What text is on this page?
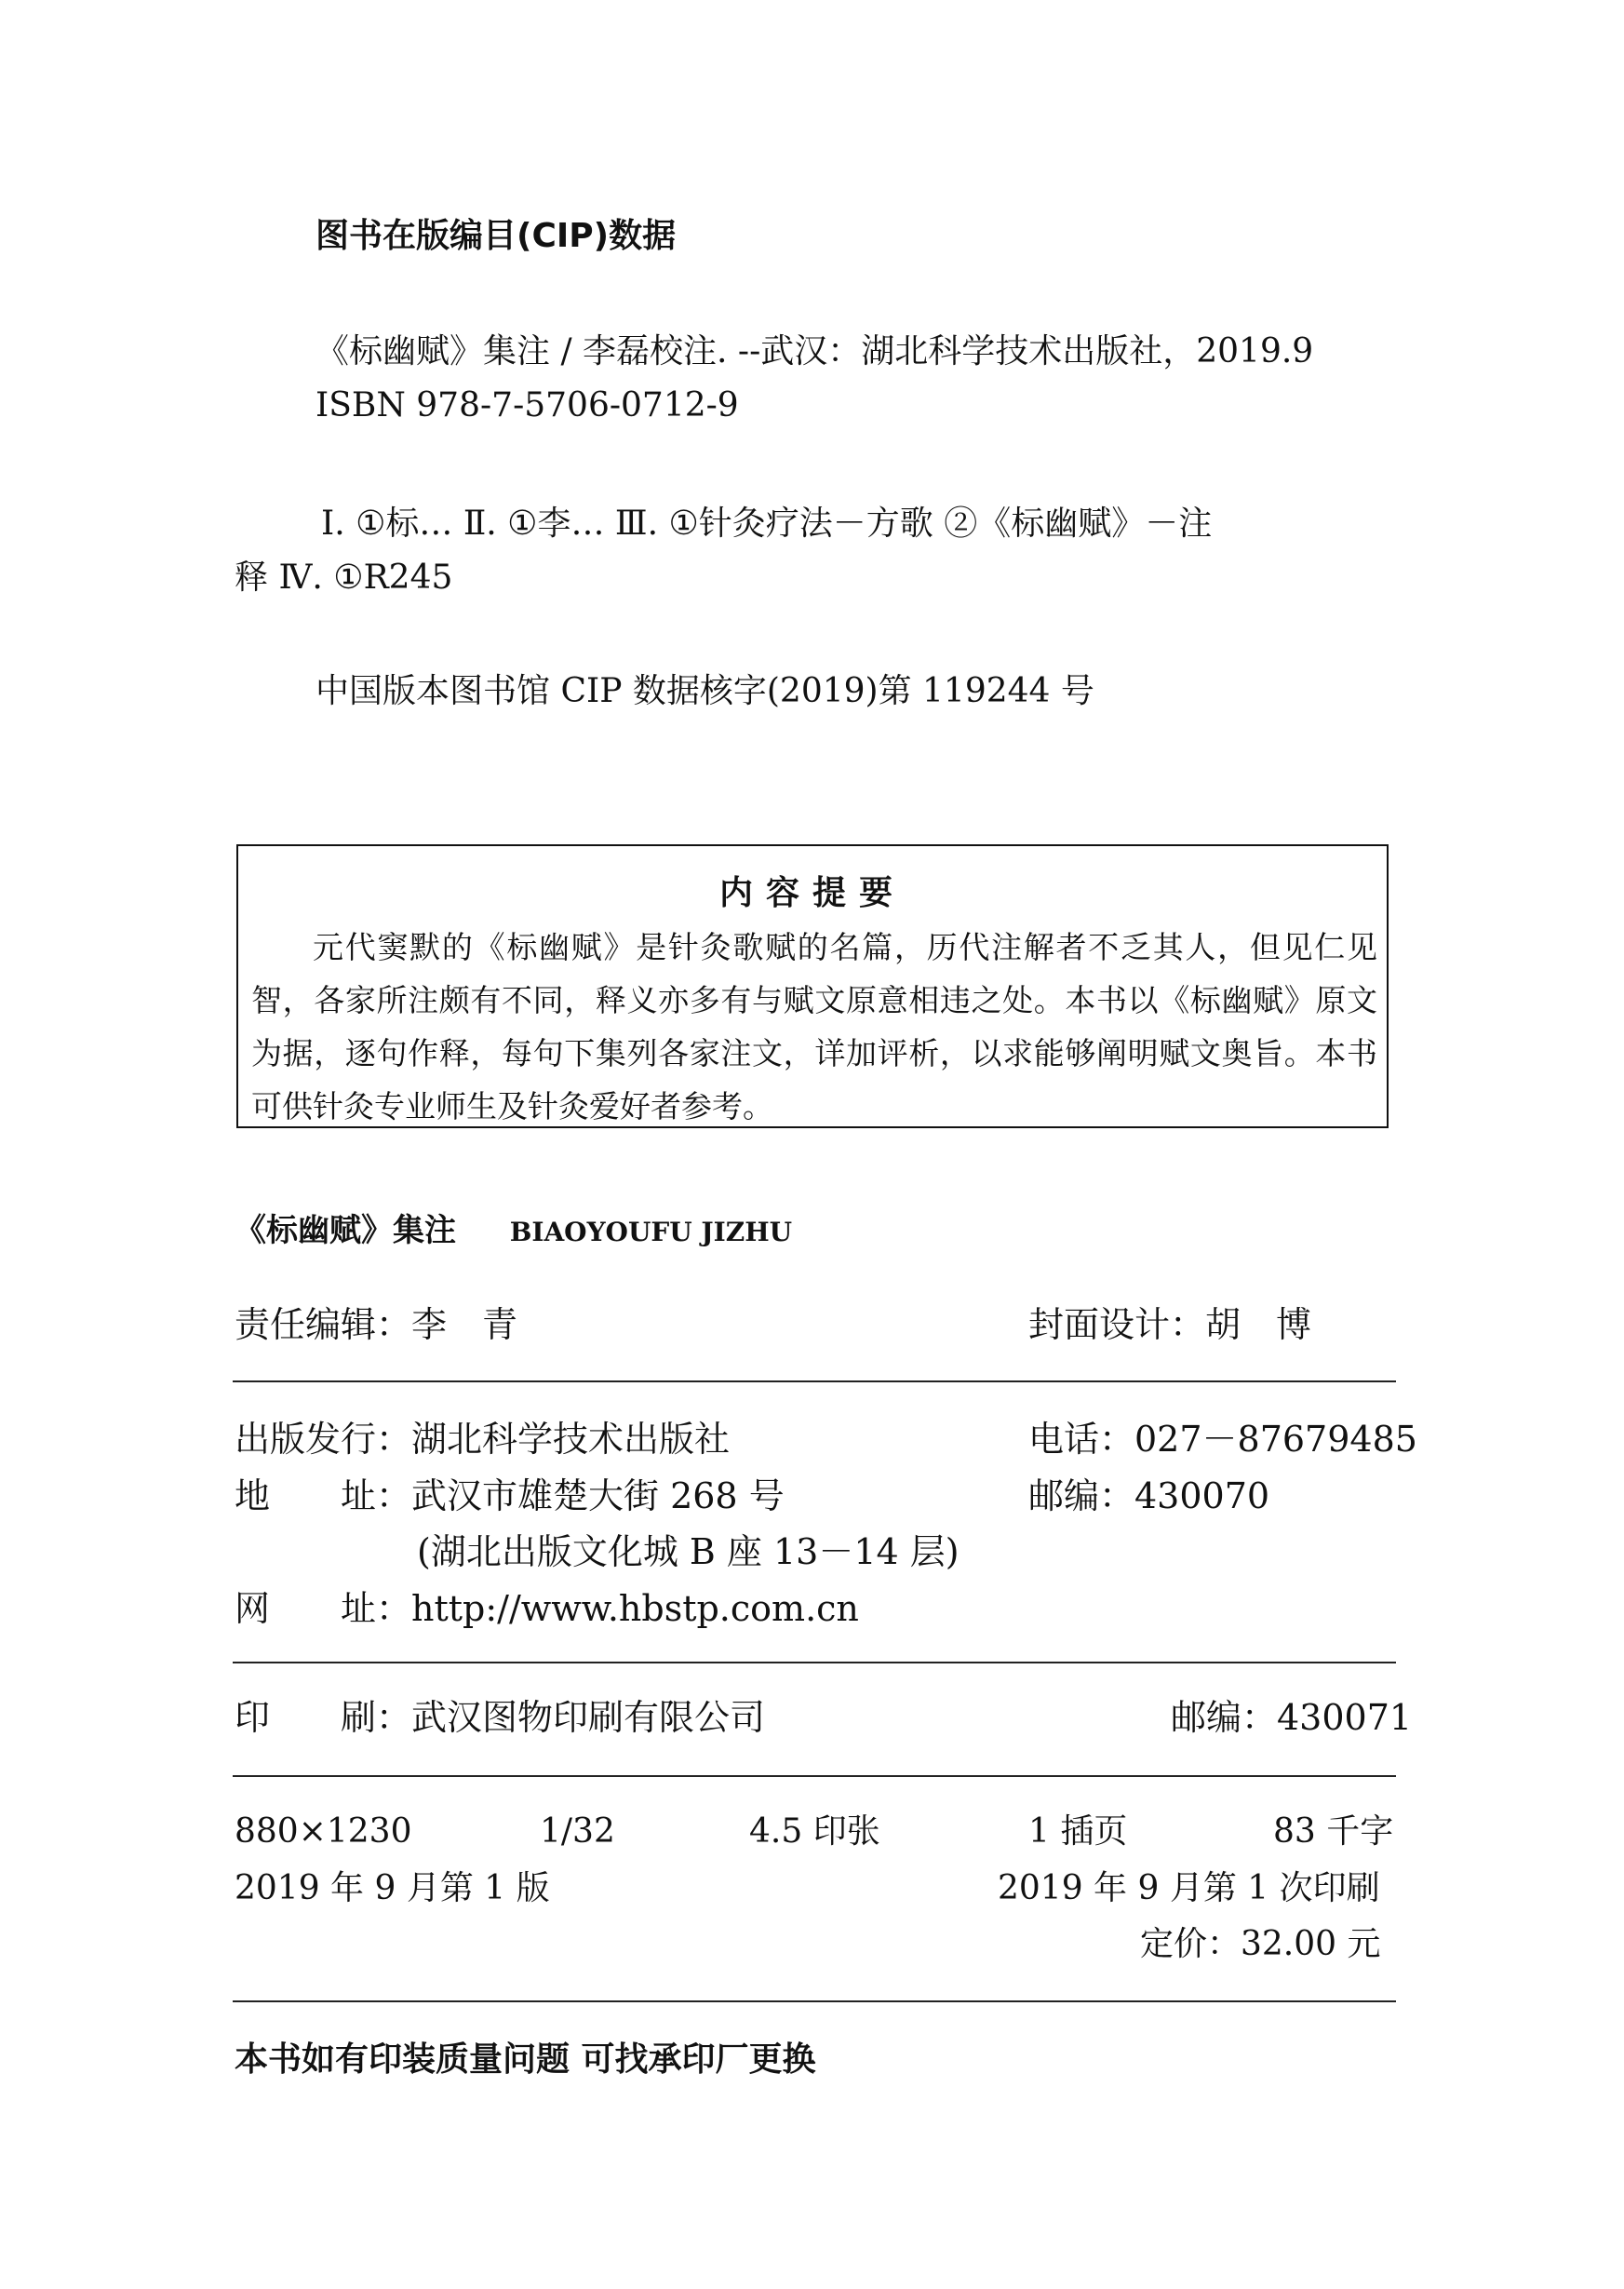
图书在版编目(CIP)数据
《标幽赋》集注 / 李磊校注. --武汉：湖北科学技术出版社，2019.9
ISBN 978-7-5706-0712-9
Ⅰ. ①标… Ⅱ. ①李… Ⅲ. ①针灸疗法－方歌 ②《标幽赋》－注
释 Ⅳ. ①R245
中国版本图书馆 CIP 数据核字(2019)第 119244 号
内容提要
元代窦默的《标幽赋》是针灸歌赋的名篇，历代注解者不乏其人，但见仁见智，各家所注颇有不同，释义亦多有与赋文原意相违之处。本书以《标幽赋》原文为据，逐句作释，每句下集列各家注文，详加评析，以求能够阐明赋文奥旨。本书可供针灸专业师生及针灸爱好者参考。
《标幽赋》集注 BIAOYOUFU JIZHU
责任编辑：李　青	封面设计：胡　博
出版发行：湖北科学技术出版社	电话：027－87679485
地　　址：武汉市雄楚大街 268 号	邮编：430070
(湖北出版文化城 B 座 13－14 层)
网　　址：http://www.hbstp.com.cn
印　　刷：武汉图物印刷有限公司	邮编：430071
880×1230	1/32	4.5 印张	1 插页	83 千字
2019 年 9 月第 1 版	2019 年 9 月第 1 次印刷
定价：32.00 元
本书如有印装质量问题 可找承印厂更换
